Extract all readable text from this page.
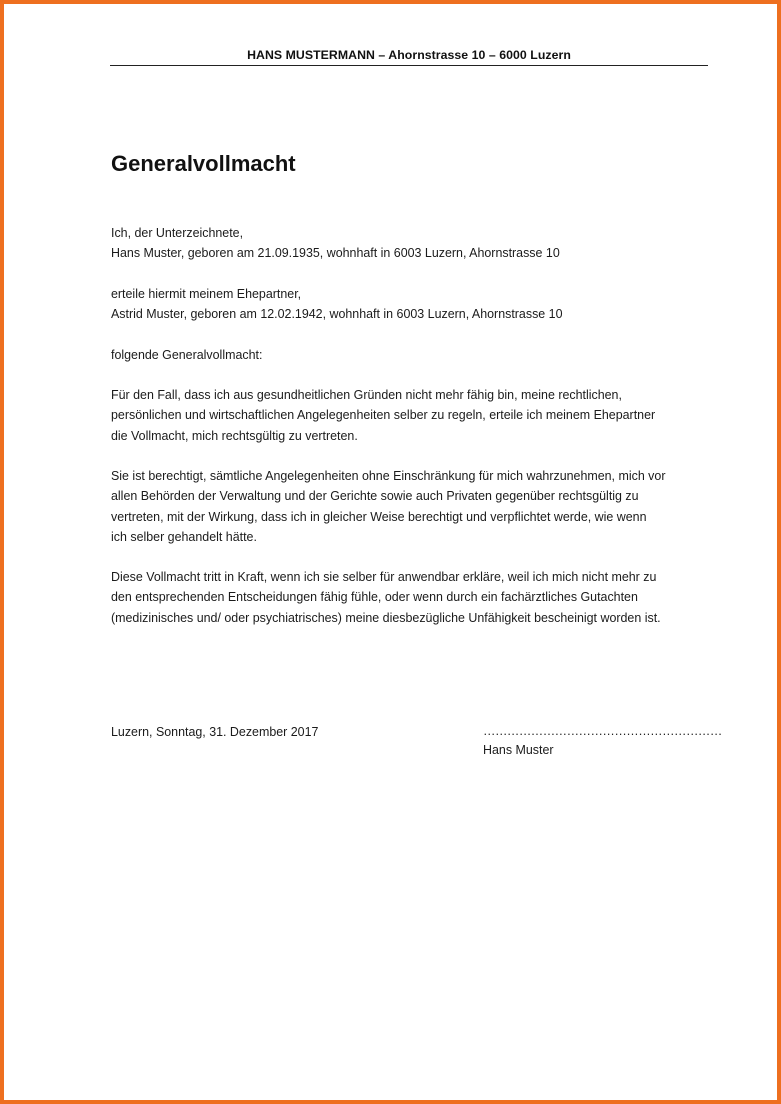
HANS MUSTERMANN – Ahornstrasse 10 – 6000 Luzern
Generalvollmacht
Ich, der Unterzeichnete,
Hans Muster, geboren am 21.09.1935, wohnhaft in 6003 Luzern, Ahornstrasse 10
erteile hiermit meinem Ehepartner,
Astrid Muster, geboren am 12.02.1942, wohnhaft in 6003 Luzern, Ahornstrasse 10
folgende Generalvollmacht:
Für den Fall, dass ich aus gesundheitlichen Gründen nicht mehr fähig bin, meine rechtlichen,
persönlichen und wirtschaftlichen Angelegenheiten selber zu regeln, erteile ich meinem Ehepartner
die Vollmacht, mich rechtsgültig zu vertreten.
Sie ist berechtigt, sämtliche Angelegenheiten ohne Einschränkung für mich wahrzunehmen, mich vor
allen Behörden der Verwaltung und der Gerichte sowie auch Privaten gegenüber rechtsgültig zu
vertreten, mit der Wirkung, dass ich in gleicher Weise berechtigt und verpflichtet werde, wie wenn
ich selber gehandelt hätte.
Diese Vollmacht tritt in Kraft, wenn ich sie selber für anwendbar erkläre, weil ich mich nicht mehr zu
den entsprechenden Entscheidungen fähig fühle, oder wenn durch ein fachärztliches Gutachten
(medizinisches und/ oder psychiatrisches) meine diesbezügliche Unfähigkeit bescheinigt worden ist.
Luzern, Sonntag, 31. Dezember 2017	……………………………………………………
Hans Muster
